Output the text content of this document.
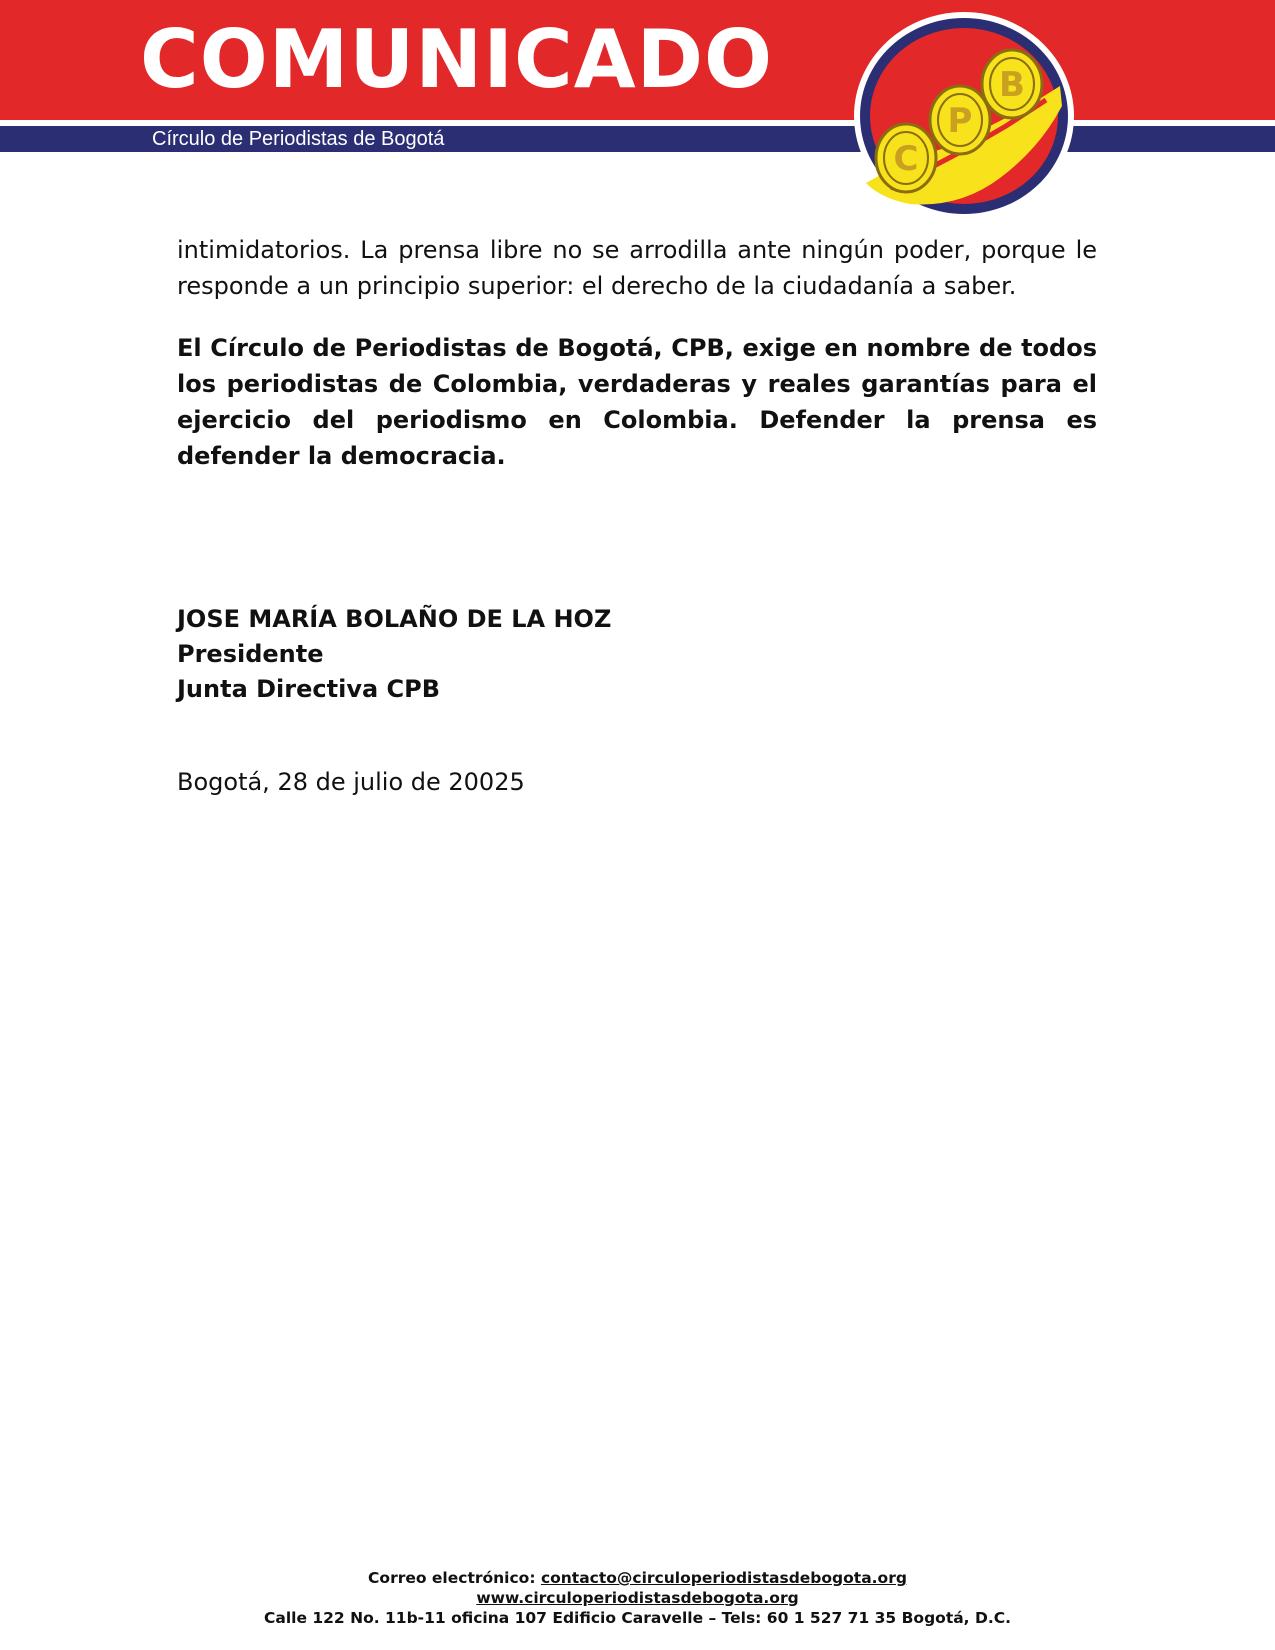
COMUNICADO
Círculo de Periodistas de Bogotá	C
P
B

intimidatorios. La prensa libre no se arrodilla ante ningún poder, porque le responde a un principio superior: el derecho de la ciudadanía a saber.

El Círculo de Periodistas de Bogotá, CPB, exige en nombre de todos los periodistas de Colombia, verdaderas y reales garantías para el ejercicio del periodismo en Colombia. Defender la prensa es defender la democracia.

JOSE MARÍA BOLAÑO DE LA HOZ
Presidente
Junta Directiva CPB
Bogotá, 28 de julio de 20025
Correo electrónico: contacto@circuloperiodistasdebogota.org
www.circuloperiodistasdebogota.org
Calle 122 No. 11b-11 oficina 107 Edificio Caravelle – Tels: 60 1 527 71 35 Bogotá, D.C.
